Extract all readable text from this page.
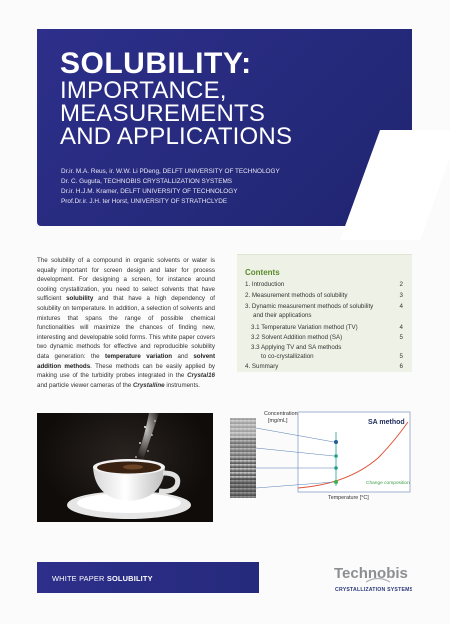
SOLUBILITY:
IMPORTANCE,
MEASUREMENTS
AND APPLICATIONS
Dr.ir. M.A. Reus, ir. W.W. Li PDeng, DELFT UNIVERSITY OF TECHNOLOGY
Dr. C. Guguta, TECHNOBIS CRYSTALLIZATION SYSTEMS
Dr.ir. H.J.M. Kramer, DELFT UNIVERSITY OF TECHNOLOGY
Prof.Dr.ir. J.H. ter Horst, UNIVERSITY OF STRATHCLYDE
The solubility of a compound in organic solvents or water is equally important for screen design and later for process development. For designing a screen, for instance around cooling crystallization, you need to select solvents that have sufficient solubility and that have a high dependency of solubility on temperature. In addition, a selection of solvents and mixtures that spans the range of possible chemical functionalities will maximize the chances of finding new, interesting and developable solid forms. This white paper covers two dynamic methods for effective and reproducible solubility data generation: the temperature variation and solvent addition methods. These methods can be easily applied by making use of the turbidity probes integrated in the Crystal16 and particle viewer cameras of the Crystalline instruments.
Contents
1. Introduction	2
2. Measurement methods of solubility	3
3. Dynamic measurement methods of solubility	4
and their applications
3.1 Temperature Variation method (TV)	4
3.2 Solvent Addition method (SA)	5
3.3 Applying TV and SA methods
to co-crystallization	5
4. Summary	6
Concentration
[mg/mL]	SA method
Change composition
Temperature [°C]
WHITE PAPER SOLUBILITY	Technobis
CRYSTALLIZATION SYSTEMS
